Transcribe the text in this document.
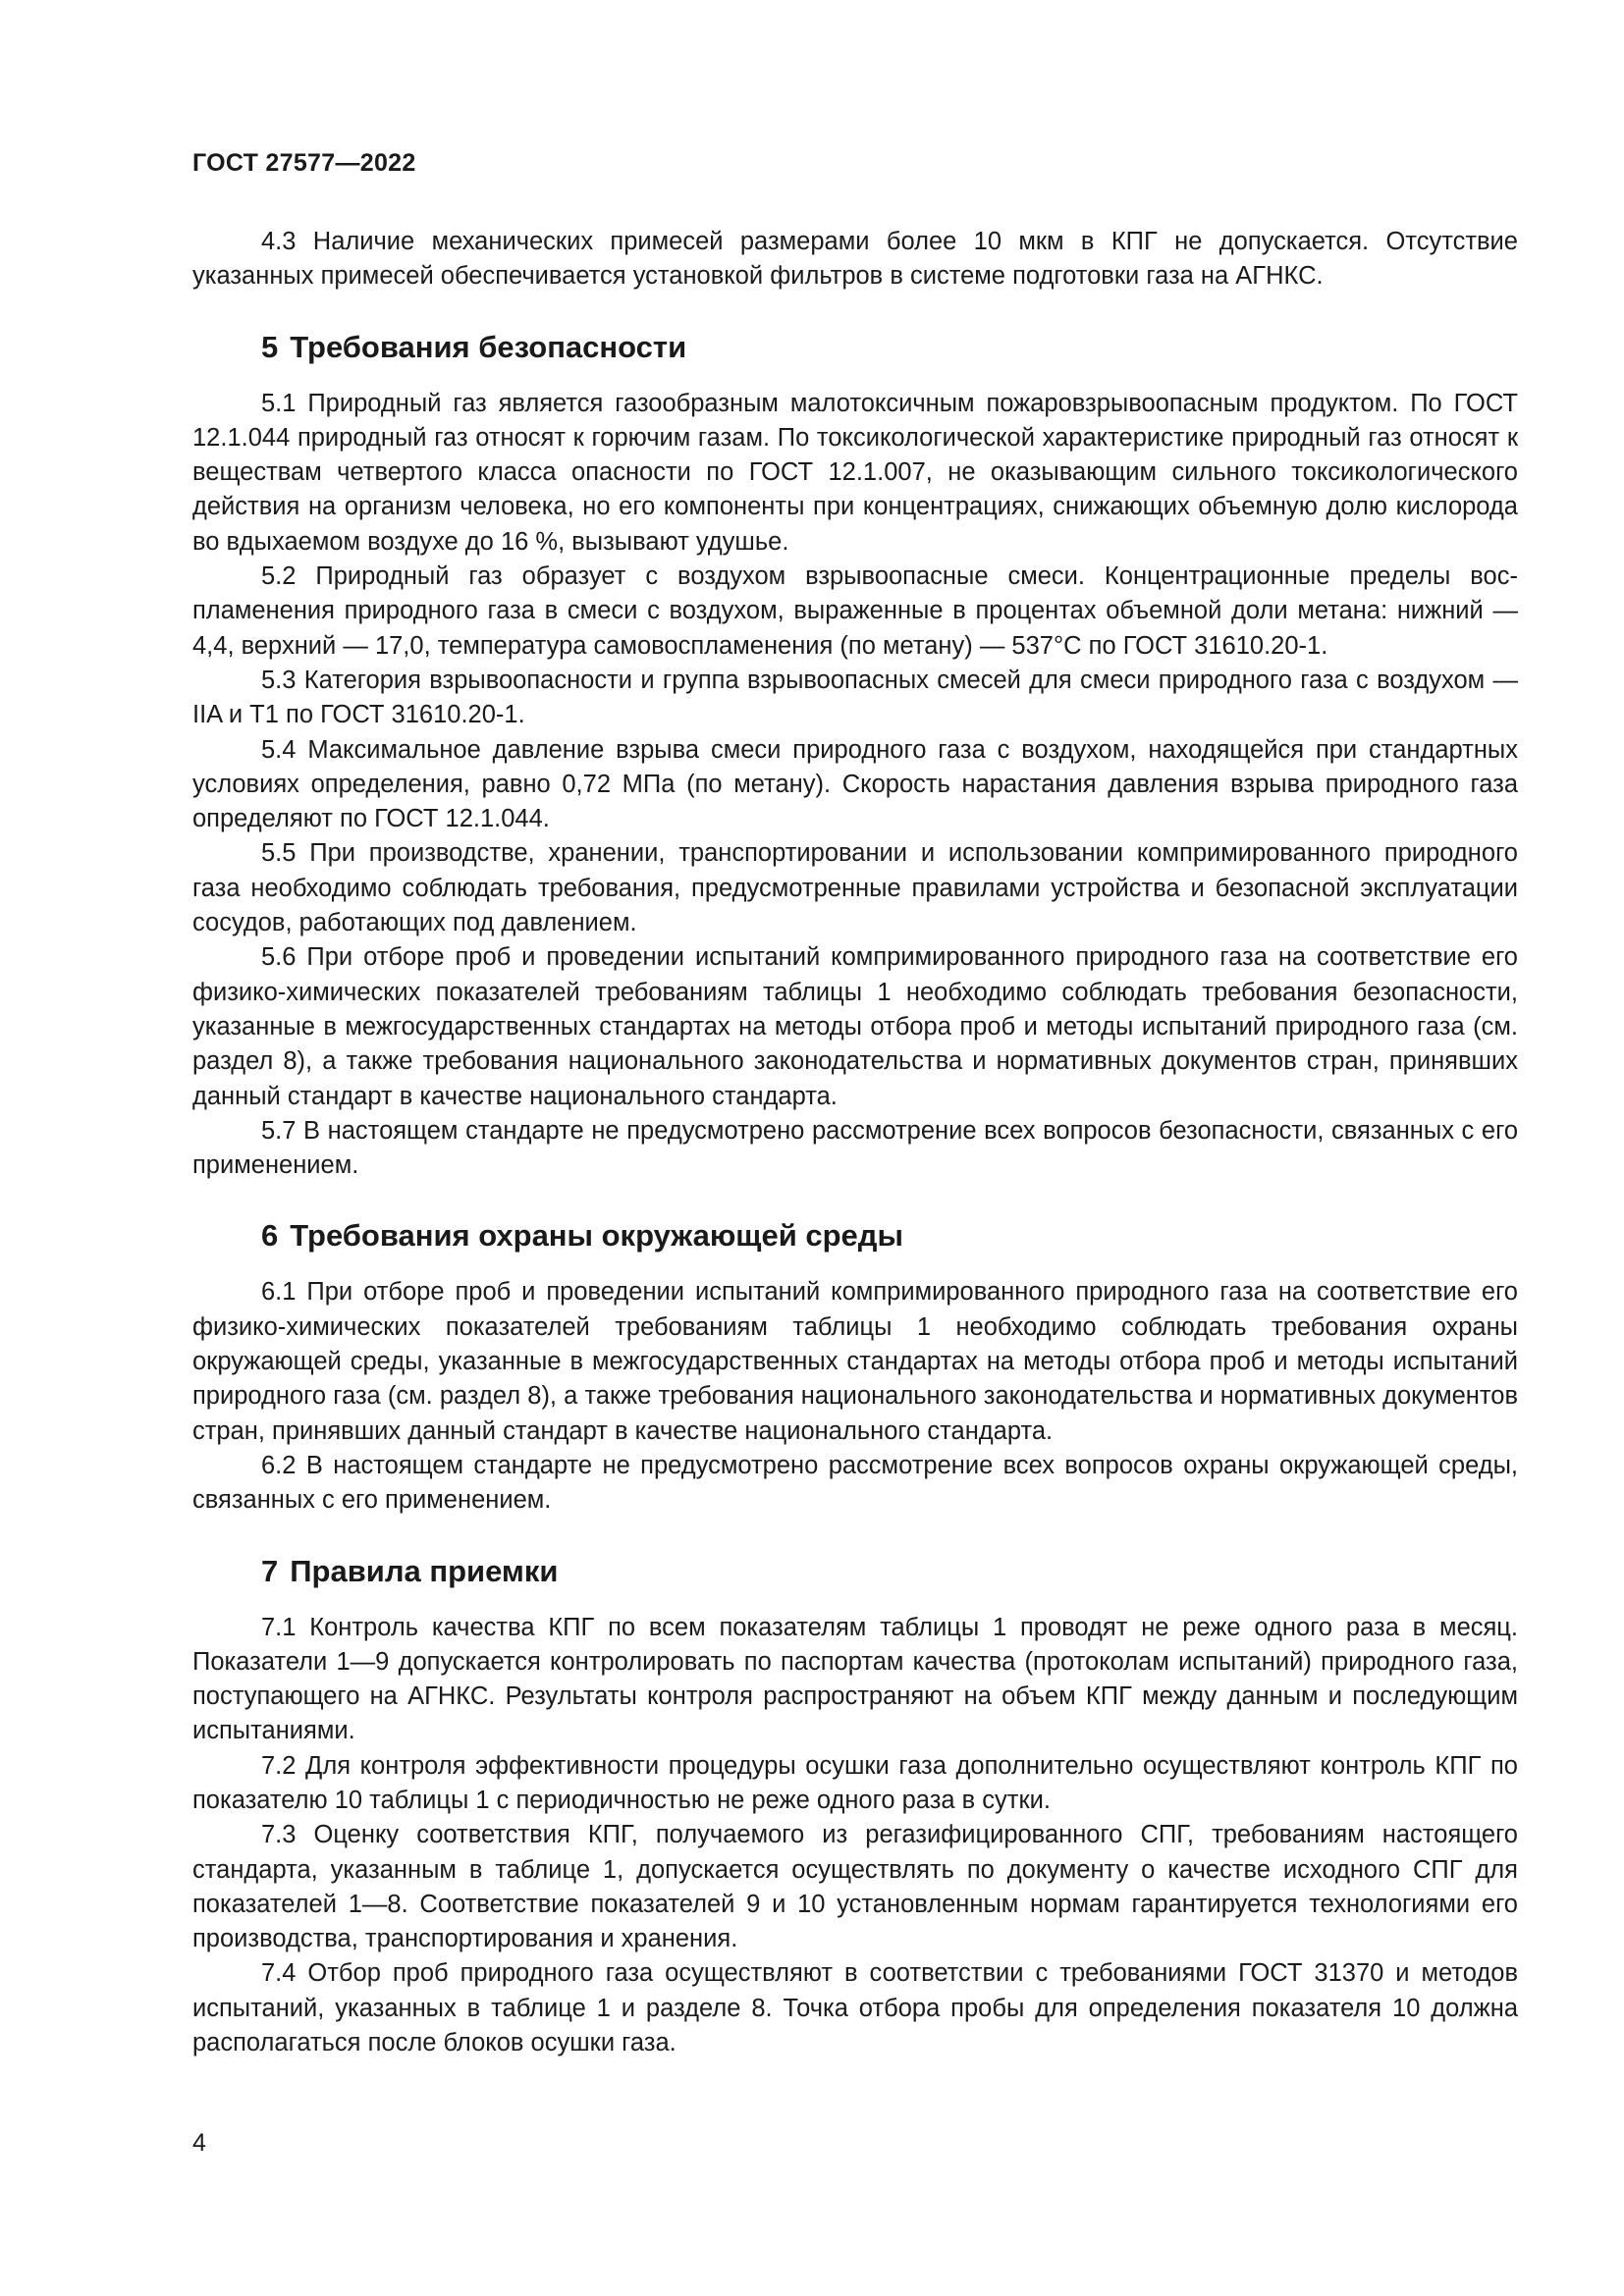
ГОСТ 27577—2022

4.3 Наличие механических примесей размерами более 10 мкм в КПГ не допускается. Отсутствие указанных примесей обеспечивается установкой фильтров в системе подготовки газа на АГНКС.

5 Требования безопасности

5.1 Природный газ является газообразным малотоксичным пожаровзрывоопасным продуктом. По ГОСТ 12.1.044 природный газ относят к горючим газам. По токсикологической характеристике природный газ относят к веществам четвертого класса опасности по ГОСТ 12.1.007, не оказывающим сильного токсикологического действия на организм человека, но его компоненты при концентрациях, снижающих объемную долю кислорода во вдыхаемом воздухе до 16 %, вызывают удушье.

5.2 Природный газ образует с воздухом взрывоопасные смеси. Концентрационные пределы воспламенения природного газа в смеси с воздухом, выраженные в процентах объемной доли метана: нижний — 4,4, верхний — 17,0, температура самовоспламенения (по метану) — 537°С по ГОСТ 31610.20-1.

5.3 Категория взрывоопасности и группа взрывоопасных смесей для смеси природного газа с воздухом — IIA и Т1 по ГОСТ 31610.20-1.

5.4 Максимальное давление взрыва смеси природного газа с воздухом, находящейся при стандартных условиях определения, равно 0,72 МПа (по метану). Скорость нарастания давления взрыва природного газа определяют по ГОСТ 12.1.044.

5.5 При производстве, хранении, транспортировании и использовании компримированного природного газа необходимо соблюдать требования, предусмотренные правилами устройства и безопасной эксплуатации сосудов, работающих под давлением.

5.6 При отборе проб и проведении испытаний компримированного природного газа на соответствие его физико-химических показателей требованиям таблицы 1 необходимо соблюдать требования безопасности, указанные в межгосударственных стандартах на методы отбора проб и методы испытаний природного газа (см. раздел 8), а также требования национального законодательства и нормативных документов стран, принявших данный стандарт в качестве национального стандарта.

5.7 В настоящем стандарте не предусмотрено рассмотрение всех вопросов безопасности, связанных с его применением.

6 Требования охраны окружающей среды

6.1 При отборе проб и проведении испытаний компримированного природного газа на соответствие его физико-химических показателей требованиям таблицы 1 необходимо соблюдать требования охраны окружающей среды, указанные в межгосударственных стандартах на методы отбора проб и методы испытаний природного газа (см. раздел 8), а также требования национального законодательства и нормативных документов стран, принявших данный стандарт в качестве национального стандарта.

6.2 В настоящем стандарте не предусмотрено рассмотрение всех вопросов охраны окружающей среды, связанных с его применением.

7 Правила приемки

7.1 Контроль качества КПГ по всем показателям таблицы 1 проводят не реже одного раза в месяц. Показатели 1—9 допускается контролировать по паспортам качества (протоколам испытаний) природного газа, поступающего на АГНКС. Результаты контроля распространяют на объем КПГ между данным и последующим испытаниями.

7.2 Для контроля эффективности процедуры осушки газа дополнительно осуществляют контроль КПГ по показателю 10 таблицы 1 с периодичностью не реже одного раза в сутки.

7.3 Оценку соответствия КПГ, получаемого из регазифицированного СПГ, требованиям настоящего стандарта, указанным в таблице 1, допускается осуществлять по документу о качестве исходного СПГ для показателей 1—8. Соответствие показателей 9 и 10 установленным нормам гарантируется технологиями его производства, транспортирования и хранения.

7.4 Отбор проб природного газа осуществляют в соответствии с требованиями ГОСТ 31370 и методов испытаний, указанных в таблице 1 и разделе 8. Точка отбора пробы для определения показателя 10 должна располагаться после блоков осушки газа.

4
